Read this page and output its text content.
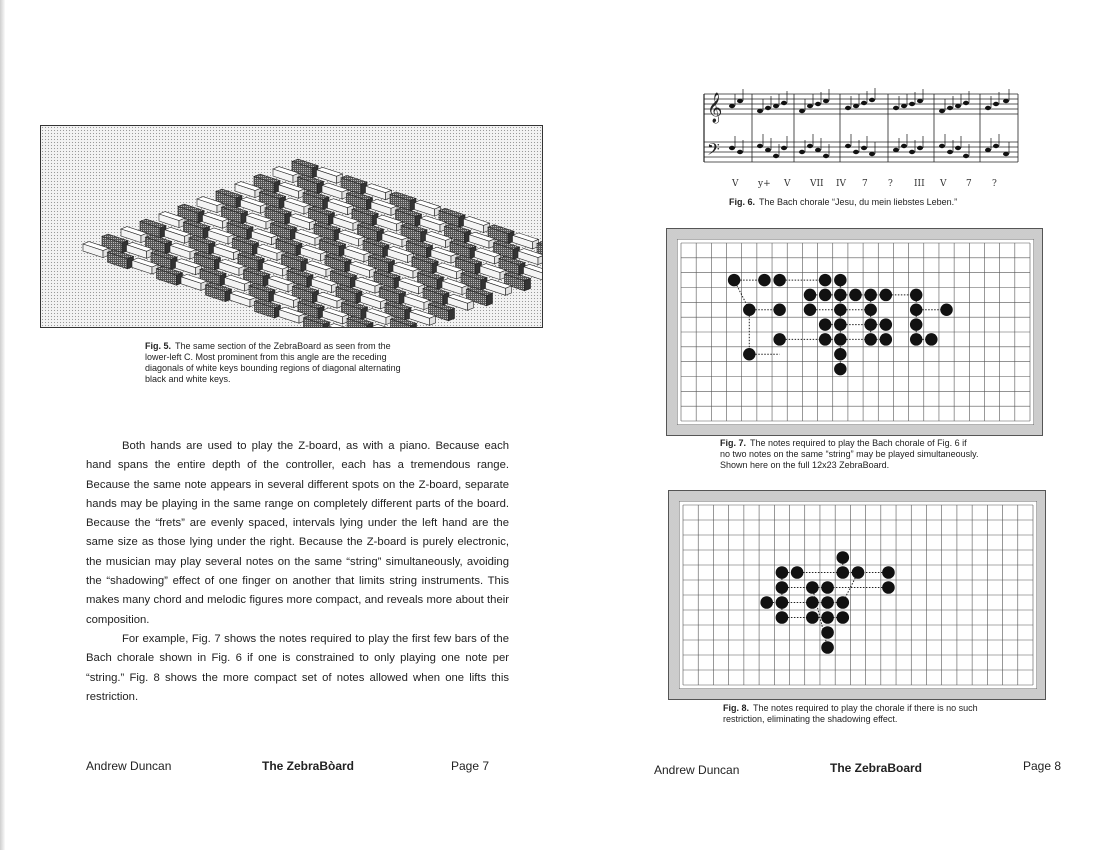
Fig. 5. The same section of the ZebraBoard as seen from the
lower-left C. Most prominent from this angle are the receding
diagonals of white keys bounding regions of diagonal alternating
black and white keys.

Both hands are used to play the Z-board, as with a piano. Because each hand spans the entire depth of the controller, each has a tremendous range. Because the same note appears in several different spots on the Z-board, separate hands may be playing in the same range on completely different parts of the board. Because the “frets” are evenly spaced, intervals lying under the left hand are the same size as those lying under the right. Because the Z-board is purely electronic, the musician may play several notes on the same “string” simultaneously, avoiding the “shadowing” effect of one finger on another that limits string instruments. This makes many chord and melodic figures more compact, and reveals more about their composition.

For example, Fig. 7 shows the notes required to play the first few bars of the Bach chorale shown in Fig. 6 if one is constrained to only playing one note per “string.” Fig. 8 shows the more compact set of notes allowed when one lifts this restriction.

Andrew Duncan	The ZebraBòard	Page 7
V y+ V VII IV 7 ? III V 7 ?
𝄞
𝄢
Fig. 6. The Bach chorale “Jesu, du mein liebstes Leben.”
Fig. 7. The notes required to play the Bach chorale of Fig. 6 if
no two notes on the same “string” may be played simultaneously.
Shown here on the full 12x23 ZebraBoard.
Fig. 8. The notes required to play the chorale if there is no such
restriction, eliminating the shadowing effect.
Andrew Duncan	The ZebraBoard	Page 8
